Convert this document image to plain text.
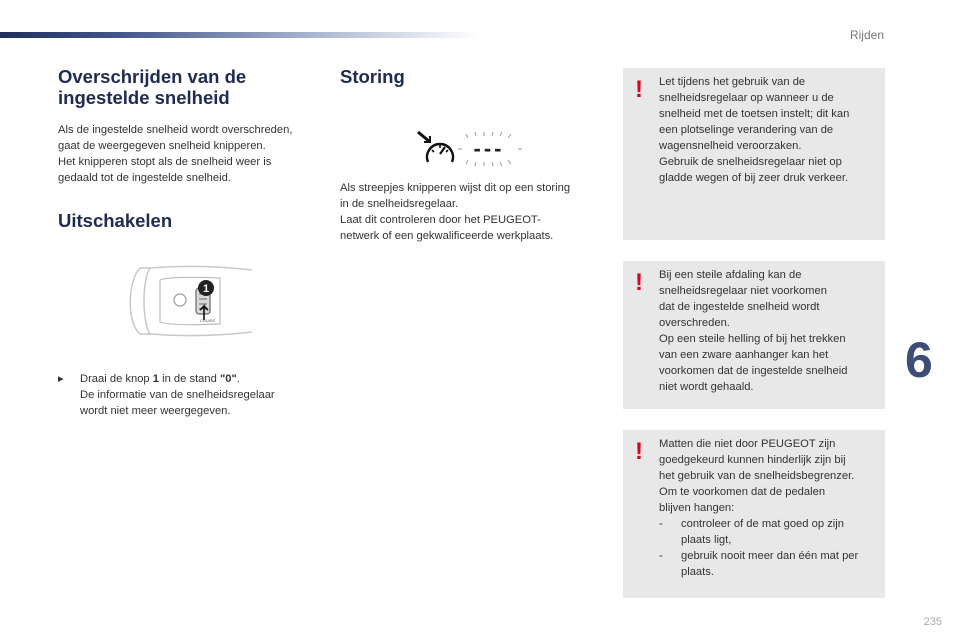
Rijden
Overschrijden van de
ingestelde snelheid

Als de ingestelde snelheid wordt overschreden,

gaat de weergegeven snelheid knipperen.

Het knipperen stopt als de snelheid weer is

gedaald tot de ingestelde snelheid.

Uitschakelen
1
CRUISE
▸	Draai de knop 1 in de stand "0".

De informatie van de snelheidsregelaar

wordt niet meer weergegeven.

Storing
---

Als streepjes knipperen wijst dit op een storing

in de snelheidsregelaar.

Laat dit controleren door het PEUGEOT-

netwerk of een gekwalificeerde werkplaats.

! Let tijdens het gebruik van de

snelheidsregelaar op wanneer u de

snelheid met de toetsen instelt; dit kan

een plotselinge verandering van de

wagensnelheid veroorzaken.

Gebruik de snelheidsregelaar niet op

gladde wegen of bij zeer druk verkeer.

! Bij een steile afdaling kan de

snelheidsregelaar niet voorkomen

dat de ingestelde snelheid wordt

overschreden.

Op een steile helling of bij het trekken

van een zware aanhanger kan het

voorkomen dat de ingestelde snelheid

niet wordt gehaald.

! Matten die niet door PEUGEOT zijn

goedgekeurd kunnen hinderlijk zijn bij

het gebruik van de snelheidsbegrenzer.

Om te voorkomen dat de pedalen

blijven hangen:

-	controleer of de mat goed op zijn
plaats ligt,
-	gebruik nooit meer dan één mat per
plaats.
6
235
